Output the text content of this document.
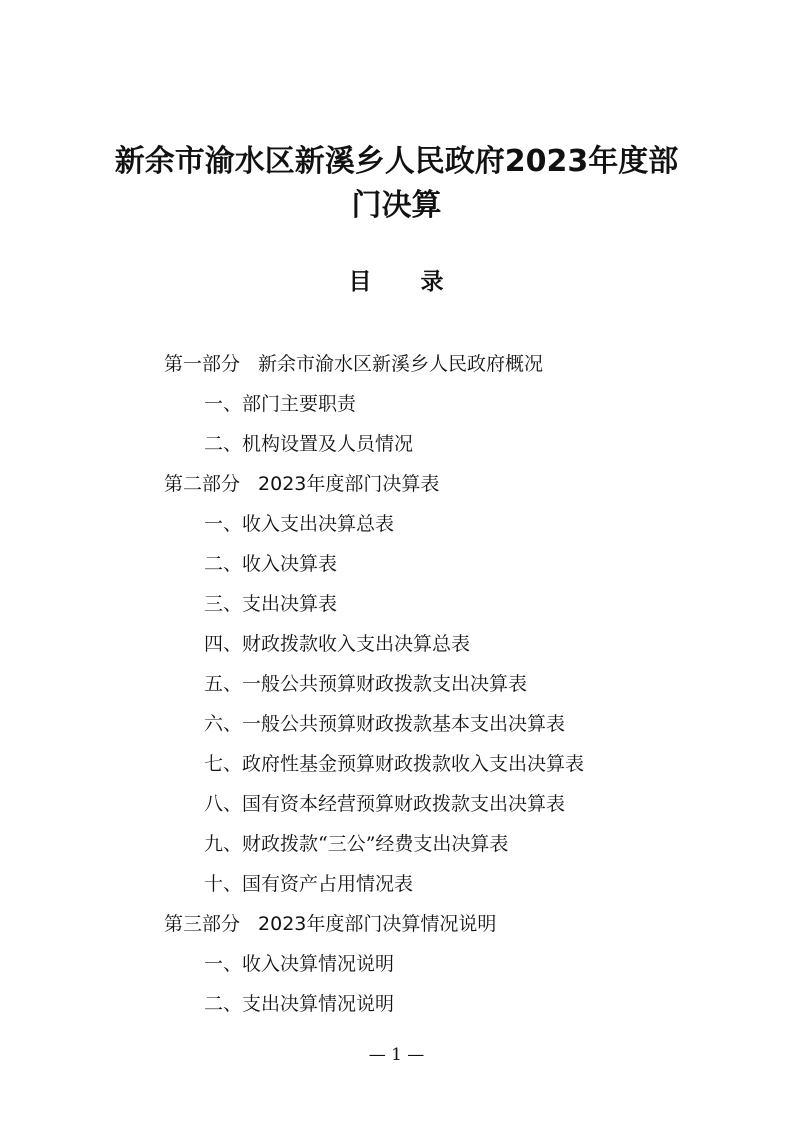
新余市渝水区新溪乡人民政府2023年度部
门决算
目 录
第一部分 新余市渝水区新溪乡人民政府概况
一、部门主要职责
二、机构设置及人员情况
第二部分 2023年度部门决算表
一、收入支出决算总表
二、收入决算表
三、支出决算表
四、财政拨款收入支出决算总表
五、一般公共预算财政拨款支出决算表
六、一般公共预算财政拨款基本支出决算表
七、政府性基金预算财政拨款收入支出决算表
八、国有资本经营预算财政拨款支出决算表
九、财政拨款“三公”经费支出决算表
十、国有资产占用情况表
第三部分 2023年度部门决算情况说明
一、收入决算情况说明
二、支出决算情况说明
— 1 —
